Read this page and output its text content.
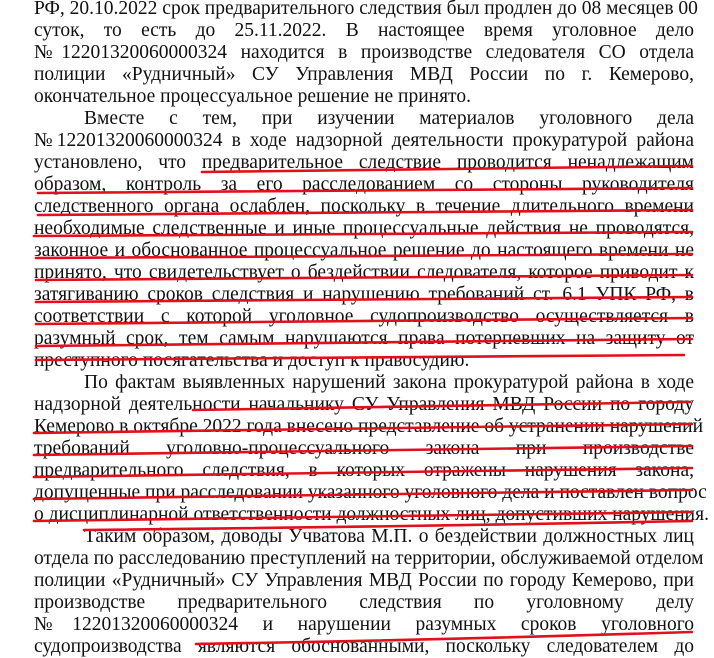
РФ, 20.10.2022 срок предварительного следствия был продлен до 08 месяцев 00
суток, то есть до 25.11.2022. В настоящее время уголовное дело
№12201320060000324 находится в производстве следователя СО отдела
полиции «Рудничный» СУ Управления МВД России по г. Кемерово,
окончательное процессуальное решение не принято.
Вместе с тем, при изучении материалов уголовного дела
№12201320060000324 в ходе надзорной деятельности прокуратурой района
установлено, что предварительное следствие проводится ненадлежащим
образом, контроль за его расследованием со стороны руководителя
следственного органа ослаблен, поскольку в течение длительного времени
необходимые следственные и иные процессуальные действия не проводятся,
законное и обоснованное процессуальное решение до настоящего времени не
принято, что свидетельствует о бездействии следователя, которое приводит к
затягиванию сроков следствия и нарушению требований ст. 6.1 УПК РФ, в
соответствии с которой уголовное судопроизводство осуществляется в
разумный срок, тем самым нарушаются права потерпевших на защиту от
преступного посягательства и доступ к правосудию.
По фактам выявленных нарушений закона прокуратурой района в ходе
надзорной деятельности начальнику СУ Управления МВД России по городу
Кемерово в октябре 2022 года внесено представление об устранении нарушений
требований уголовно-процессуального закона при производстве
предварительного следствия, в которых отражены нарушения закона,
допущенные при расследовании указанного уголовного дела и поставлен вопрос
о дисциплинарной ответственности должностных лиц, допустивших нарушения.
Таким образом, доводы Учватова М.П. о бездействии должностных лиц
отдела по расследованию преступлений на территории, обслуживаемой отделом
полиции «Рудничный» СУ Управления МВД России по городу Кемерово, при
производстве предварительного следствия по уголовному делу
№12201320060000324 и нарушении разумных сроков уголовного
судопроизводства являются обоснованными, поскольку следователем до
